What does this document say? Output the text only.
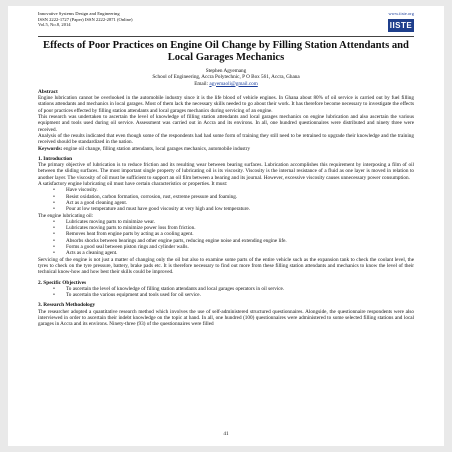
Innovative Systems Design and Engineering
ISSN 2222-1727 (Paper) ISSN 2222-2871 (Online)
Vol.5, No.8, 2014
www.iiste.org
IISTE
Effects of Poor Practices on Engine Oil Change by Filling Station Attendants and Local Garages Mechanics
Stephen Agyemang
School of Engineering, Accra Polytechnic, P O Box 561, Accra, Ghana
Email: agyemaoli@gmail.com
Abstract

Engine lubrication cannot be overlooked in the automobile industry since it is the life blood of vehicle engines. In Ghana about 80% of oil service is carried out by fuel filling stations attendants and mechanics in local garages. Most of them lack the necessary skills needed to go about their work. It has therefore become necessary to investigate the effects of poor practices effected by filling station attendants and local garages mechanics during servicing of an engine.

This research was undertaken to ascertain the level of knowledge of filling station attendants and local garages mechanics on engine lubrication and also ascertain the various equipment and tools used during oil service. Assessment was carried out in Accra and its environs. In all, one hundred questionnaires were distributed and ninety three were received.

Analysis of the results indicated that even though some of the respondents had had some form of training they still need to be retrained to upgrade their knowledge and the training received should be standardized in the nation.

Keywords: engine oil change, filling station attendants, local garages mechanics, automobile industry

1. Introduction

The primary objective of lubrication is to reduce friction and its resulting wear between bearing surfaces. Lubrication accomplishes this requirement by interposing a film of oil between the sliding surfaces. The most important single property of lubricating oil is its viscosity. Viscosity is the internal resistance of a fluid as one layer is moved in relation to another layer. The viscosity of oil must be sufficient to support an oil film between a bearing and its journal. However, excessive viscosity causes unnecessary power consumption.

A satisfactory engine lubricating oil must have certain characteristics or properties. It must:

• Have viscosity.
• Resist oxidation, carbon formation, corrosion, rust, extreme pressure and foaming.
• Act as a good cleaning agent.
• Pour at low temperature and must have good viscosity at very high and low temperature.

The engine lubricating oil:

• Lubricates moving parts to minimize wear.
• Lubricates moving parts to minimize power loss from friction.
• Removes heat from engine parts by acting as a cooling agent.
• Absorbs shocks between bearings and other engine parts, reducing engine noise and extending engine life.
• Forms a good seal between piston rings and cylinder walls.
• Acts as a cleaning agent.

Servicing of the engine is not just a matter of changing only the oil but also to examine some parts of the entire vehicle such as the expansion tank to check the coolant level, the tyres to check on the tyre pressure, battery, brake pads etc. It is therefore necessary to find out more from these filling station attendants and mechanics to know the level of their technical know-how and how best their skills could be improved.

2. Specific Objectives
• To ascertain the level of knowledge of filling station attendants and local garages operators in oil service.
• To ascertain the various equipment and tools used for oil service.
3. Research Methodology

The researcher adopted a quantitative research method which involves the use of self-administered structured questionnaires. Alongside, the questionnaire respondents were also interviewed in order to ascertain their indebt knowledge on the topic at hand. In all, one hundred (100) questionnaires were administered to some selected filling stations and local garages in Accra and its environs. Ninety-three (93) of the questionnaires were filled

41
